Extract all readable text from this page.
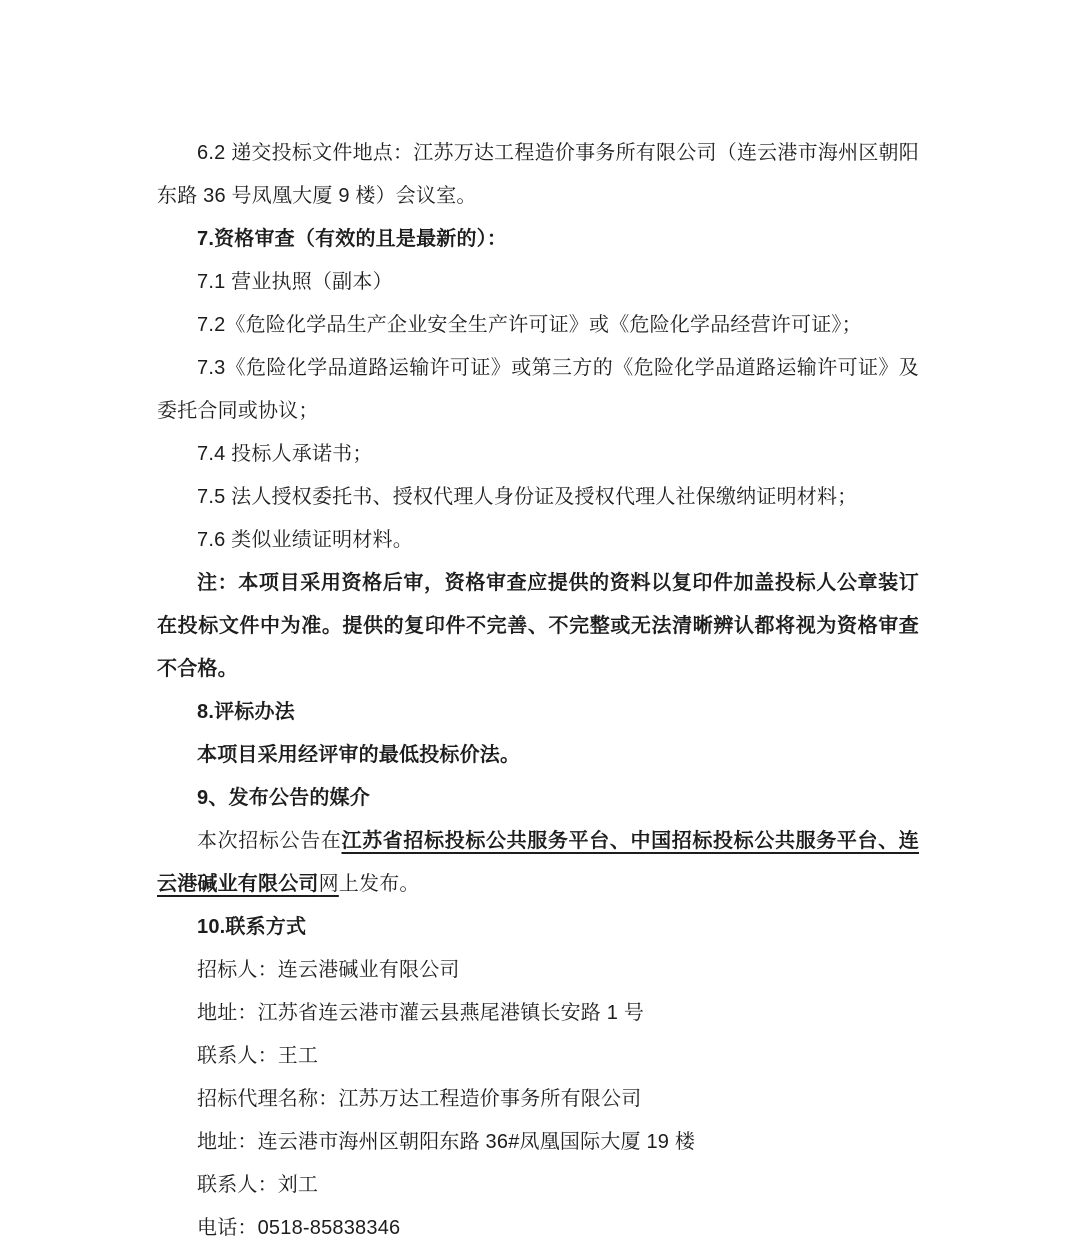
6.2 递交投标文件地点：江苏万达工程造价事务所有限公司（连云港市海州区朝阳东路 36 号凤凰大厦 9 楼）会议室。

7.资格审查（有效的且是最新的）：

7.1 营业执照（副本）

7.2《危险化学品生产企业安全生产许可证》或《危险化学品经营许可证》；

7.3《危险化学品道路运输许可证》或第三方的《危险化学品道路运输许可证》及委托合同或协议；

7.4 投标人承诺书；

7.5 法人授权委托书、授权代理人身份证及授权代理人社保缴纳证明材料；

7.6 类似业绩证明材料。

注：本项目采用资格后审，资格审查应提供的资料以复印件加盖投标人公章装订在投标文件中为准。提供的复印件不完善、不完整或无法清晰辨认都将视为资格审查不合格。

8.评标办法

本项目采用经评审的最低投标价法。

9、发布公告的媒介

本次招标公告在江苏省招标投标公共服务平台、中国招标投标公共服务平台、连云港碱业有限公司网上发布。

10.联系方式

招标人：连云港碱业有限公司

地址：江苏省连云港市灌云县燕尾港镇长安路 1 号

联系人：王工

招标代理名称：江苏万达工程造价事务所有限公司

地址：连云港市海州区朝阳东路 36#凤凰国际大厦 19 楼

联系人：刘工

电话：0518-85838346
